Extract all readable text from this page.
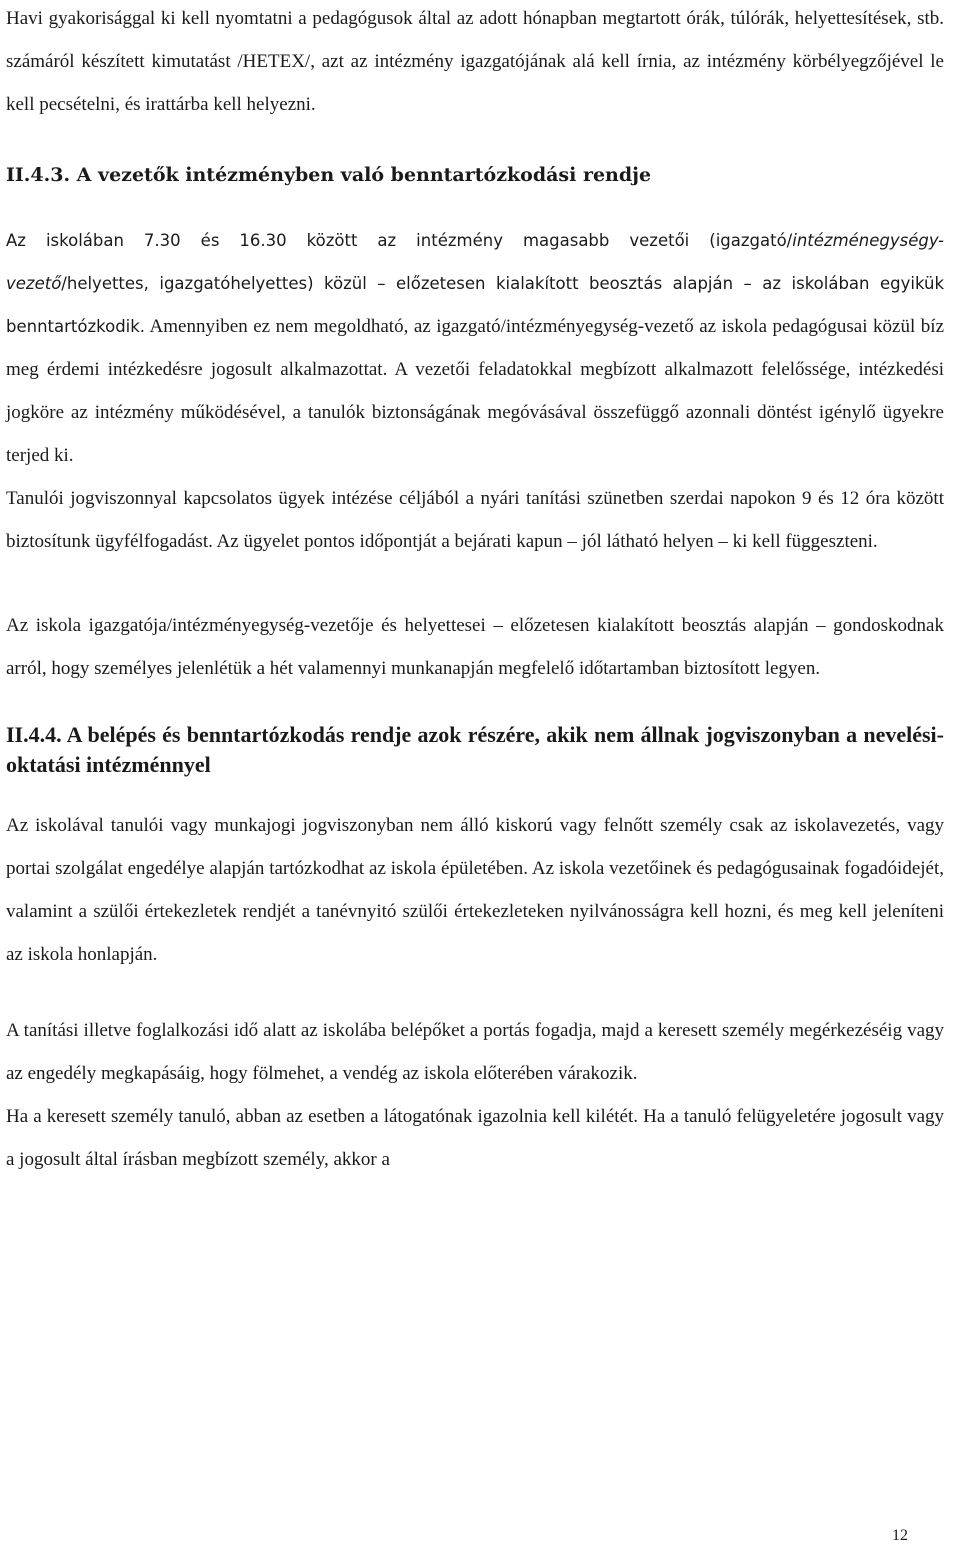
Havi gyakorisággal ki kell nyomtatni a pedagógusok által az adott hónapban megtartott órák, túlórák, helyettesítések, stb. számáról készített kimutatást /HETEX/, azt az intézmény igazgatójának alá kell írnia, az intézmény körbélyegzőjével le kell pecsételni, és irattárba kell helyezni.

II.4.3. A vezetők intézményben való benntartózkodási rendje

Az iskolában 7.30 és 16.30 között az intézmény magasabb vezetői (igazgató/intézménegységy-vezető/helyettes, igazgatóhelyettes) közül – előzetesen kialakított beosztás alapján – az iskolában egyikük benntartózkodik. Amennyiben ez nem megoldható, az igazgató/intézményegység-vezető az iskola pedagógusai közül bíz meg érdemi intézkedésre jogosult alkalmazottat. A vezetői feladatokkal megbízott alkalmazott felelőssége, intézkedési jogköre az intézmény működésével, a tanulók biztonságának megóvásával összefüggő azonnali döntést igénylő ügyekre terjed ki.

Tanulói jogviszonnyal kapcsolatos ügyek intézése céljából a nyári tanítási szünetben szerdai napokon 9 és 12 óra között biztosítunk ügyfélfogadást. Az ügyelet pontos időpontját a bejárati kapun – jól látható helyen – ki kell függeszteni.

Az iskola igazgatója/intézményegység-vezetője és helyettesei – előzetesen kialakított beosztás alapján – gondoskodnak arról, hogy személyes jelenlétük a hét valamennyi munkanapján megfelelő időtartamban biztosított legyen.

II.4.4. A belépés és benntartózkodás rendje azok részére, akik nem állnak jogviszonyban a nevelési-oktatási intézménnyel

Az iskolával tanulói vagy munkajogi jogviszonyban nem álló kiskorú vagy felnőtt személy csak az iskolavezetés, vagy portai szolgálat engedélye alapján tartózkodhat az iskola épületében. Az iskola vezetőinek és pedagógusainak fogadóidejét, valamint a szülői értekezletek rendjét a tanévnyitó szülői értekezleteken nyilvánosságra kell hozni, és meg kell jeleníteni az iskola honlapján.

A tanítási illetve foglalkozási idő alatt az iskolába belépőket a portás fogadja, majd a keresett személy megérkezéséig vagy az engedély megkapásáig, hogy fölmehet, a vendég az iskola előterében várakozik.

Ha a keresett személy tanuló, abban az esetben a látogatónak igazolnia kell kilétét. Ha a tanuló felügyeletére jogosult vagy a jogosult által írásban megbízott személy, akkor a

12
